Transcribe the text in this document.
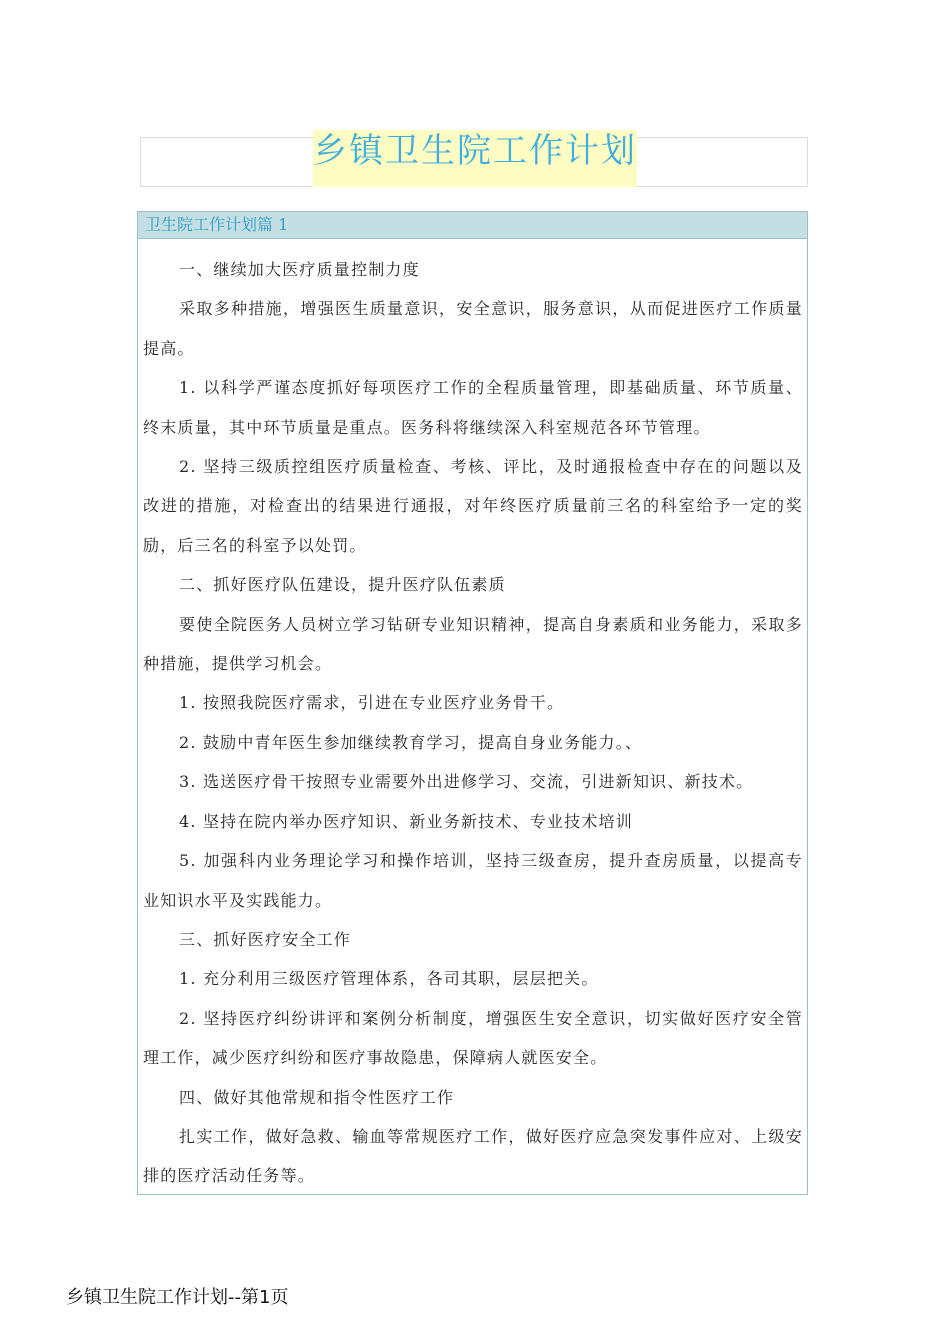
乡镇卫生院工作计划
卫生院工作计划篇 1

一、继续加大医疗质量控制力度

采取多种措施，增强医生质量意识，安全意识，服务意识，从而促进医疗工作质量提高。

1. 以科学严谨态度抓好每项医疗工作的全程质量管理，即基础质量、环节质量、终末质量，其中环节质量是重点。医务科将继续深入科室规范各环节管理。

2. 坚持三级质控组医疗质量检查、考核、评比，及时通报检查中存在的问题以及改进的措施，对检查出的结果进行通报，对年终医疗质量前三名的科室给予一定的奖励，后三名的科室予以处罚。

二、抓好医疗队伍建设，提升医疗队伍素质

要使全院医务人员树立学习钻研专业知识精神，提高自身素质和业务能力，采取多种措施，提供学习机会。

1. 按照我院医疗需求，引进在专业医疗业务骨干。

2. 鼓励中青年医生参加继续教育学习，提高自身业务能力。、

3. 选送医疗骨干按照专业需要外出进修学习、交流，引进新知识、新技术。

4. 坚持在院内举办医疗知识、新业务新技术、专业技术培训

5. 加强科内业务理论学习和操作培训，坚持三级查房，提升查房质量，以提高专业知识水平及实践能力。

三、抓好医疗安全工作

1. 充分利用三级医疗管理体系，各司其职，层层把关。

2. 坚持医疗纠纷讲评和案例分析制度，增强医生安全意识，切实做好医疗安全管理工作，减少医疗纠纷和医疗事故隐患，保障病人就医安全。

四、做好其他常规和指令性医疗工作

扎实工作，做好急救、输血等常规医疗工作，做好医疗应急突发事件应对、上级安排的医疗活动任务等。

乡镇卫生院工作计划--第1页
